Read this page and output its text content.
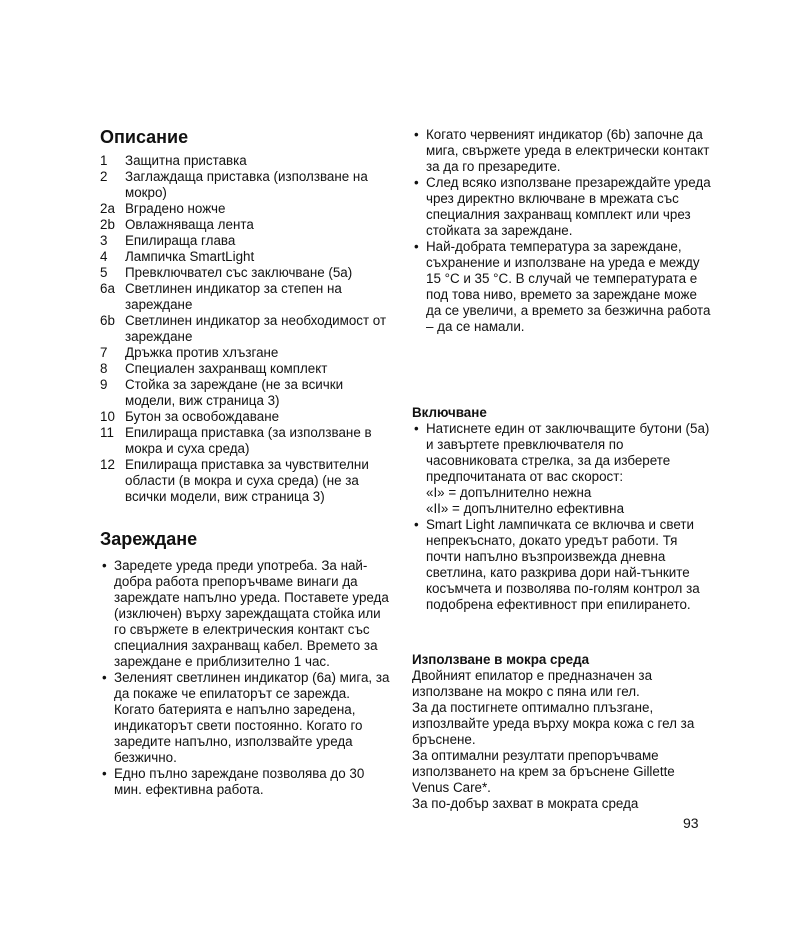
Описание
1 Защитна приставка
2 Заглаждаща приставка (използване на мокро)
2a Вградено ножче
2b Овлажняваща лента
3 Епилираща глава
4 Лампичка SmartLight
5 Превключвател със заключване (5a)
6a Светлинен индикатор за степен на зареждане
6b Светлинен индикатор за необходимост от зареждане
7 Дръжка против хлъзгане
8 Специален захранващ комплект
9 Стойка за зареждане (не за всички модели, виж страница 3)
10 Бутон за освобождаване
11 Епилираща приставка (за използване в мокра и суха среда)
12 Епилираща приставка за чувствителни области (в мокра и суха среда) (не за всички модели, виж страница 3)
Зареждане
• Заредете уреда преди употреба. За най-добра работа препоръчваме винаги да зареждате напълно уреда. Поставете уреда (изключен) върху зареждащата стойка или го свържете в електрическия контакт със специалния захранващ кабел. Времето за зареждане е приблизително 1 час.
• Зеленият светлинен индикатор (6a) мига, за да покаже че епилаторът се зарежда. Когато батерията е напълно заредена, индикаторът свети постоянно. Когато го заредите напълно, използвайте уреда безжично.
• Едно пълно зареждане позволява до 30 мин. ефективна работа.
• Когато червеният индикатор (6b) започне да мига, свържете уреда в електрически контакт за да го презаредите.
• След всяко използване презареждайте уреда чрез директно включване в мрежата със специалния захранващ комплект или чрез стойката за зареждане.
• Най-добрата температура за зареждане, съхранение и използване на уреда е между 15 °C и 35 °C. В случай че температурата е под това ниво, времето за зареждане може да се увеличи, а времето за безжична работа – да се намали.
Включване
• Натиснете един от заключващите бутони (5a) и завъртете превключвателя по часовниковата стрелка, за да изберете предпочитаната от вас скорост:
«I» = допълнително нежна
«II» = допълнително ефективна
• Smart Light лампичката се включва и свети непрекъснато, докато уредът работи. Тя почти напълно възпроизвежда дневна светлина, като разкрива дори най-тънките косъмчета и позволява по-голям контрол за подобрена ефективност при епилирането.
Използване в мокра среда

Двойният епилатор е предназначен за използване на мокро с пяна или гел.

За да постигнете оптимално плъзгане, изпозлвайте уреда върху мокра кожа с гел за бръснене.

За оптимални резултати препоръчваме използването на крем за бръснене Gillette Venus Care*.

За по-добър захват в мократа среда

93
